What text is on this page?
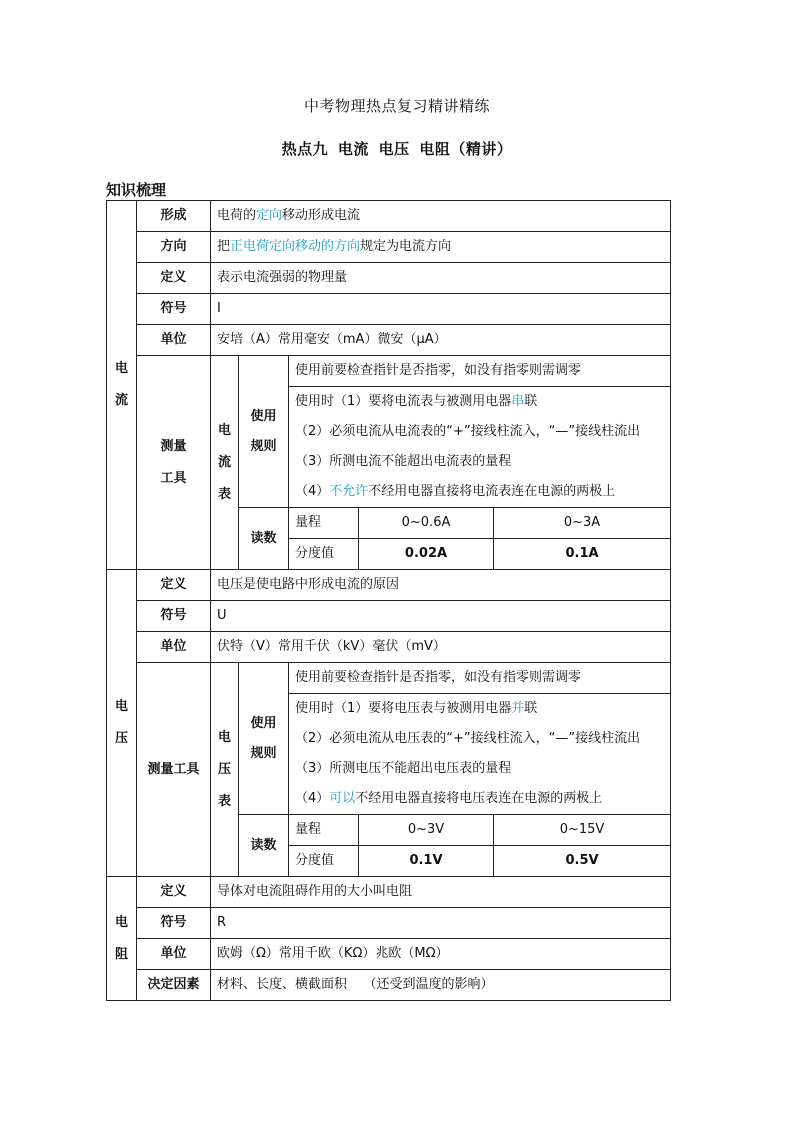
中考物理热点复习精讲精练
热点九 电流 电压 电阻（精讲）
知识梳理
电
流	形成	电荷的定向移动形成电流				
	方向	把正电荷定向移动的方向规定为电流方向				
	定义	表示电流强弱的物理量				
	符号	I				
	单位	安培（A）常用毫安（mA）微安（μA）				

	测量
工具	电
流
表	使用
规则	使用前要检查指针是否指零，如没有指零则需调零		

				使用时（1）要将电流表与被测用电器串联
（2）必须电流从电流表的“+”接线柱流入，“—”接线柱流出
（3）所测电流不能超出电流表的量程
（4）不允许不经用电器直接将电流表连在电源的两极上		

			读数	量程	0~0.6A	0~3A
				分度值	0.02A	0.1A

电
压	定义	电压是使电路中形成电流的原因				
	符号	U				
	单位	伏特（V）常用千伏（kV）毫伏（mV）				
	测量工具	电
压
表	使用
规则	使用前要检查指针是否指零，如没有指零则需调零		

				使用时（1）要将电压表与被测用电器并联
（2）必须电流从电压表的“+”接线柱流入，“—”接线柱流出
（3）所测电压不能超出电压表的量程
（4）可以不经用电器直接将电压表连在电源的两极上		

			读数	量程	0~3V	0~15V
				分度值	0.1V	0.5V

电
阻	定义	导体对电流阻碍作用的大小叫电阻				
	符号	R				
	单位	欧姆（Ω）常用千欧（KΩ）兆欧（MΩ）				
	决定因素	材料、长度、横截面积    （还受到温度的影响）				
